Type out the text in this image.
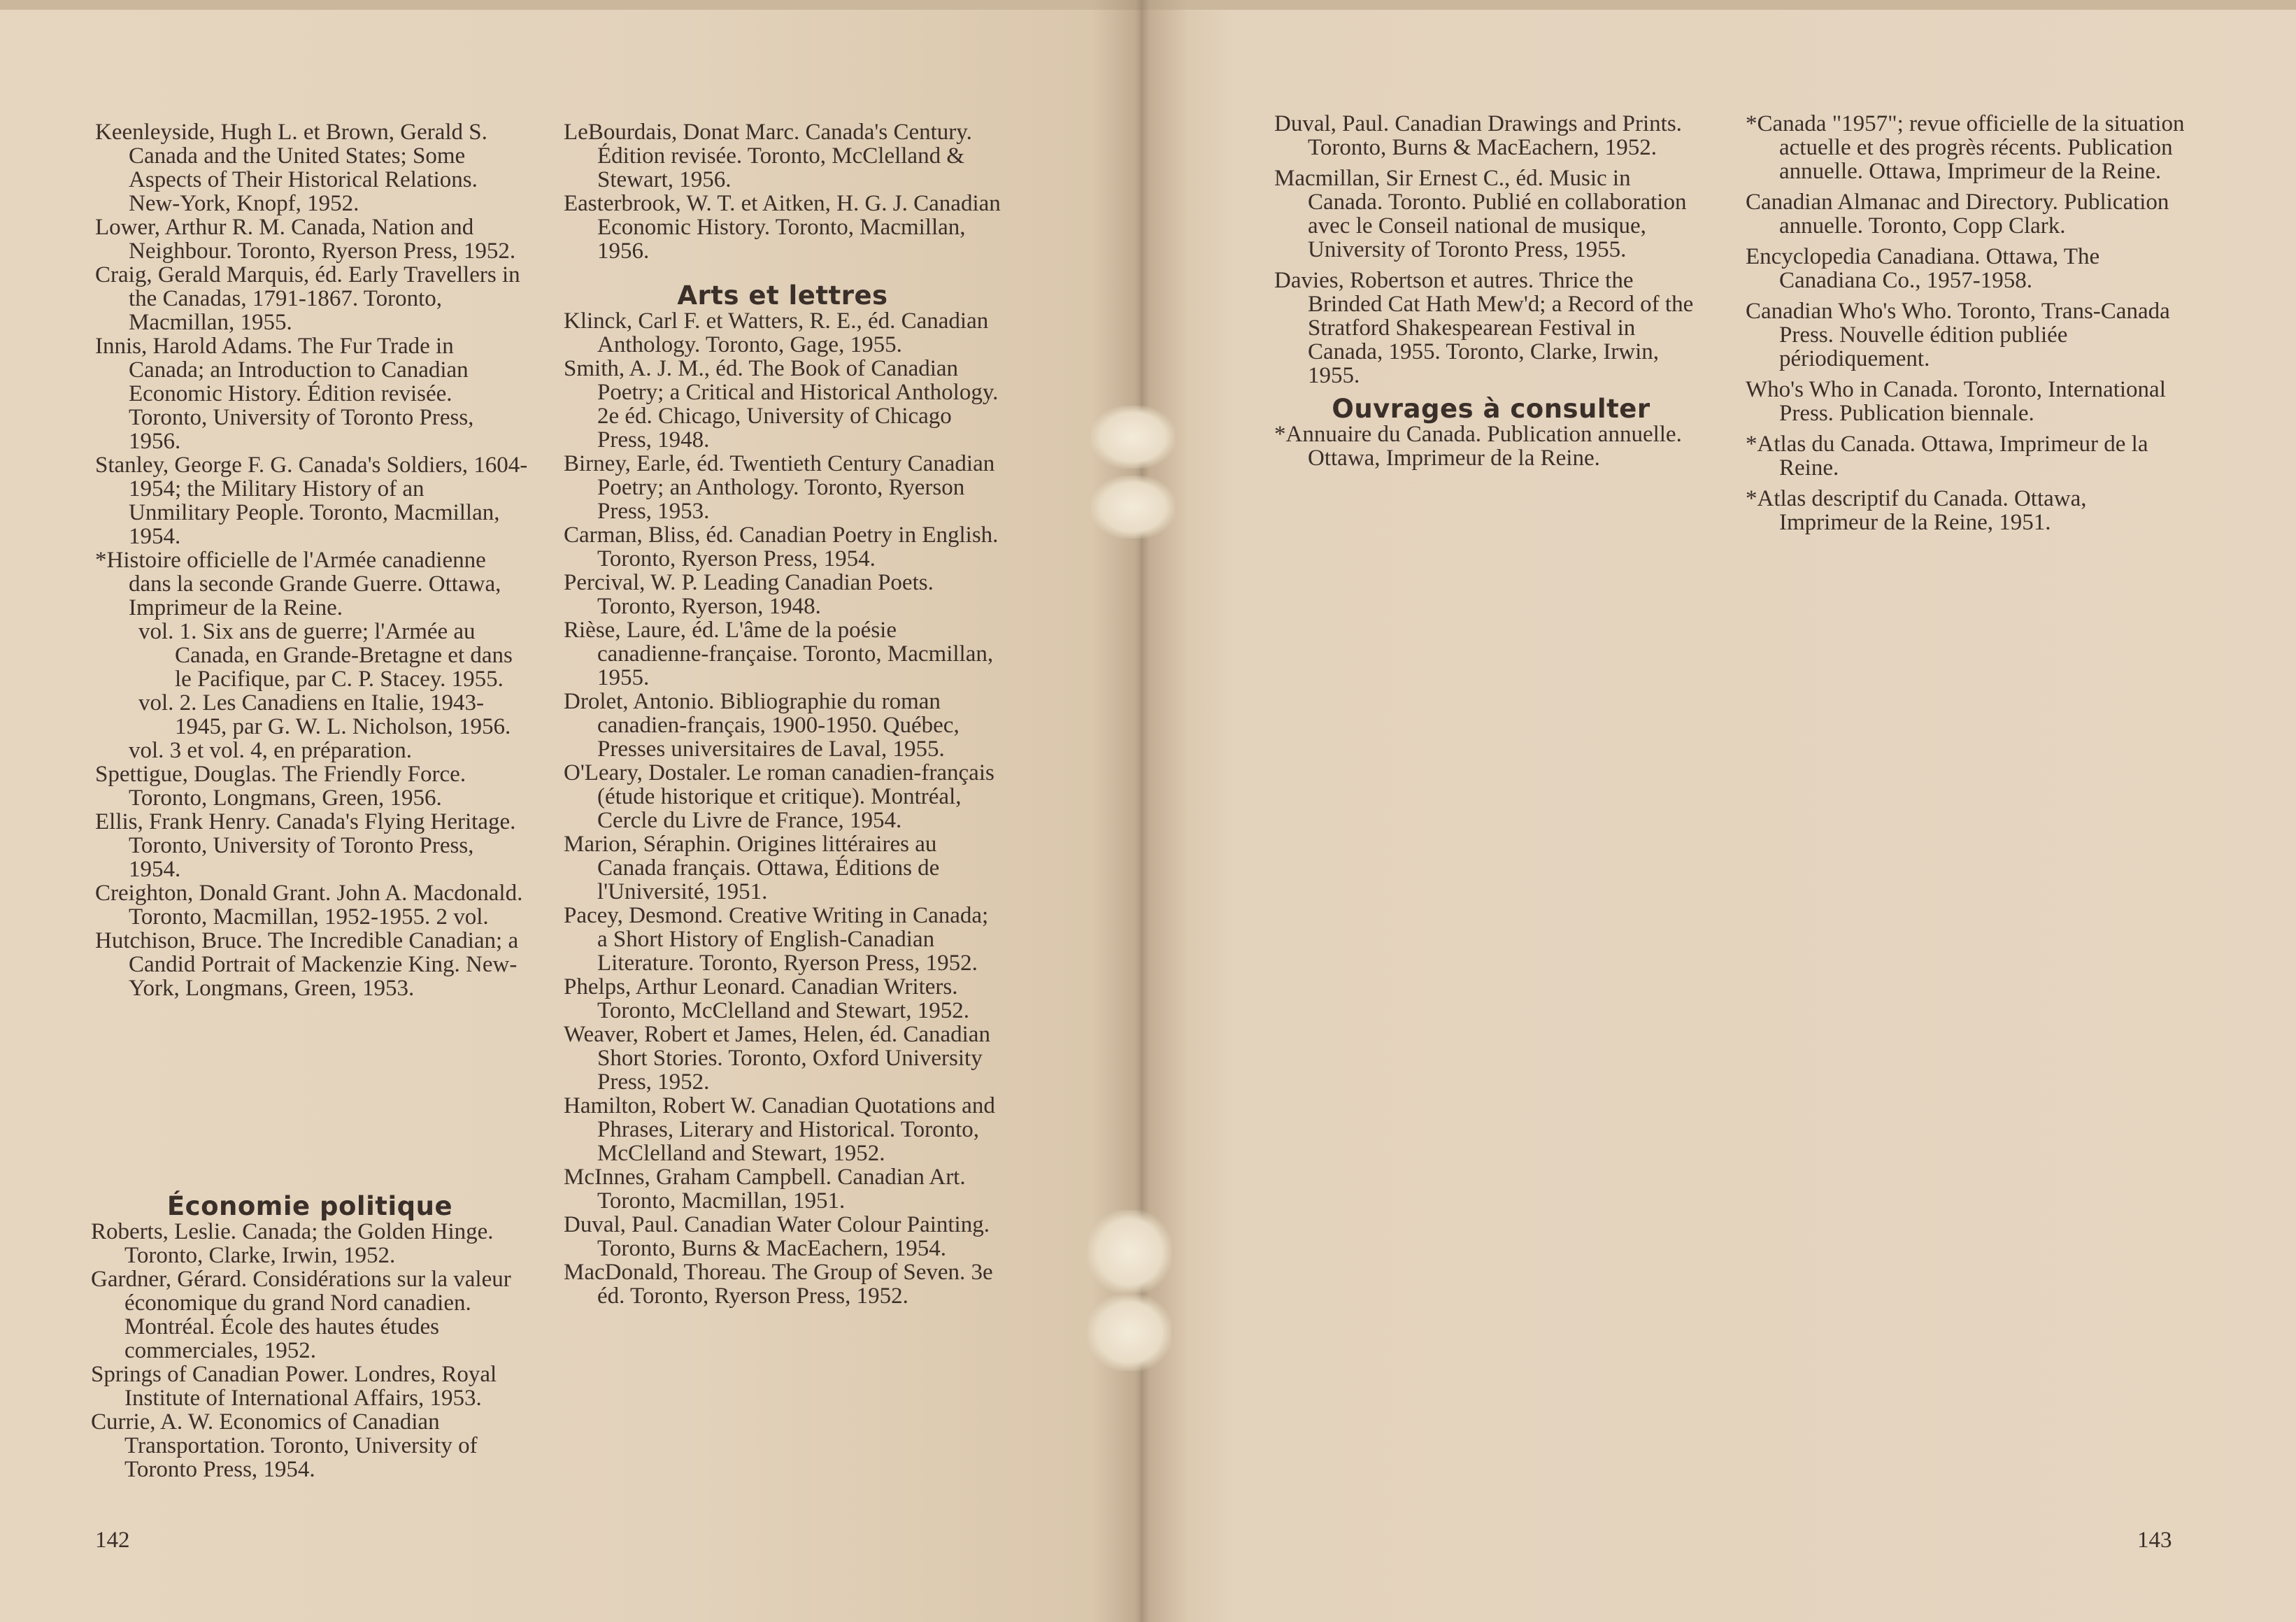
Keenleyside, Hugh L. et Brown, Gerald S. Canada and the United States; Some Aspects of Their Historical Relations. New-York, Knopf, 1952.
Lower, Arthur R. M. Canada, Nation and Neighbour. Toronto, Ryerson Press, 1952.
Craig, Gerald Marquis, éd. Early Travellers in the Canadas, 1791-1867. Toronto, Macmillan, 1955.
Innis, Harold Adams. The Fur Trade in Canada; an Introduction to Canadian Economic History. Édition revisée. Toronto, University of Toronto Press, 1956.
Stanley, George F. G. Canada's Soldiers, 1604-1954; the Military History of an Unmilitary People. Toronto, Macmillan, 1954.
*Histoire officielle de l'Armée canadienne dans la seconde Grande Guerre. Ottawa, Imprimeur de la Reine.
vol. 1. Six ans de guerre; l'Armée au Canada, en Grande-Bretagne et dans le Pacifique, par C. P. Stacey. 1955.
vol. 2. Les Canadiens en Italie, 1943-1945, par G. W. L. Nicholson, 1956.
vol. 3 et vol. 4, en préparation.
Spettigue, Douglas. The Friendly Force. Toronto, Longmans, Green, 1956.
Ellis, Frank Henry. Canada's Flying Heritage. Toronto, University of Toronto Press, 1954.
Creighton, Donald Grant. John A. Macdonald. Toronto, Macmillan, 1952-1955. 2 vol.
Hutchison, Bruce. The Incredible Canadian; a Candid Portrait of Mackenzie King. New-York, Longmans, Green, 1953.
Économie politique
Roberts, Leslie. Canada; the Golden Hinge. Toronto, Clarke, Irwin, 1952.
Gardner, Gérard. Considérations sur la valeur économique du grand Nord canadien. Montréal. École des hautes études commerciales, 1952.
Springs of Canadian Power. Londres, Royal Institute of International Affairs, 1953.
Currie, A. W. Economics of Canadian Transportation. Toronto, University of Toronto Press, 1954.
LeBourdais, Donat Marc. Canada's Century. Édition revisée. Toronto, McClelland & Stewart, 1956.
Easterbrook, W. T. et Aitken, H. G. J. Canadian Economic History. Toronto, Macmillan, 1956.
Arts et lettres
Klinck, Carl F. et Watters, R. E., éd. Canadian Anthology. Toronto, Gage, 1955.
Smith, A. J. M., éd. The Book of Canadian Poetry; a Critical and Historical Anthology. 2e éd. Chicago, University of Chicago Press, 1948.
Birney, Earle, éd. Twentieth Century Canadian Poetry; an Anthology. Toronto, Ryerson Press, 1953.
Carman, Bliss, éd. Canadian Poetry in English. Toronto, Ryerson Press, 1954.
Percival, W. P. Leading Canadian Poets. Toronto, Ryerson, 1948.
Rièse, Laure, éd. L'âme de la poésie canadienne-française. Toronto, Macmillan, 1955.
Drolet, Antonio. Bibliographie du roman canadien-français, 1900-1950. Québec, Presses universitaires de Laval, 1955.
O'Leary, Dostaler. Le roman canadien-français (étude historique et critique). Montréal, Cercle du Livre de France, 1954.
Marion, Séraphin. Origines littéraires au Canada français. Ottawa, Éditions de l'Université, 1951.
Pacey, Desmond. Creative Writing in Canada; a Short History of English-Canadian Literature. Toronto, Ryerson Press, 1952.
Phelps, Arthur Leonard. Canadian Writers. Toronto, McClelland and Stewart, 1952.
Weaver, Robert et James, Helen, éd. Canadian Short Stories. Toronto, Oxford University Press, 1952.
Hamilton, Robert W. Canadian Quotations and Phrases, Literary and Historical. Toronto, McClelland and Stewart, 1952.
McInnes, Graham Campbell. Canadian Art. Toronto, Macmillan, 1951.
Duval, Paul. Canadian Water Colour Painting. Toronto, Burns & MacEachern, 1954.
MacDonald, Thoreau. The Group of Seven. 3e éd. Toronto, Ryerson Press, 1952.
142
Duval, Paul. Canadian Drawings and Prints. Toronto, Burns & MacEachern, 1952.
Macmillan, Sir Ernest C., éd. Music in Canada. Toronto. Publié en collaboration avec le Conseil national de musique, University of Toronto Press, 1955.
Davies, Robertson et autres. Thrice the Brinded Cat Hath Mew'd; a Record of the Stratford Shakespearean Festival in Canada, 1955. Toronto, Clarke, Irwin, 1955.
Ouvrages à consulter
*Annuaire du Canada. Publication annuelle. Ottawa, Imprimeur de la Reine.
*Canada "1957"; revue officielle de la situation actuelle et des progrès récents. Publication annuelle. Ottawa, Imprimeur de la Reine.
Canadian Almanac and Directory. Publication annuelle. Toronto, Copp Clark.
Encyclopedia Canadiana. Ottawa, The Canadiana Co., 1957-1958.
Canadian Who's Who. Toronto, Trans-Canada Press. Nouvelle édition publiée périodiquement.
Who's Who in Canada. Toronto, International Press. Publication biennale.
*Atlas du Canada. Ottawa, Imprimeur de la Reine.
*Atlas descriptif du Canada. Ottawa, Imprimeur de la Reine, 1951.
143
